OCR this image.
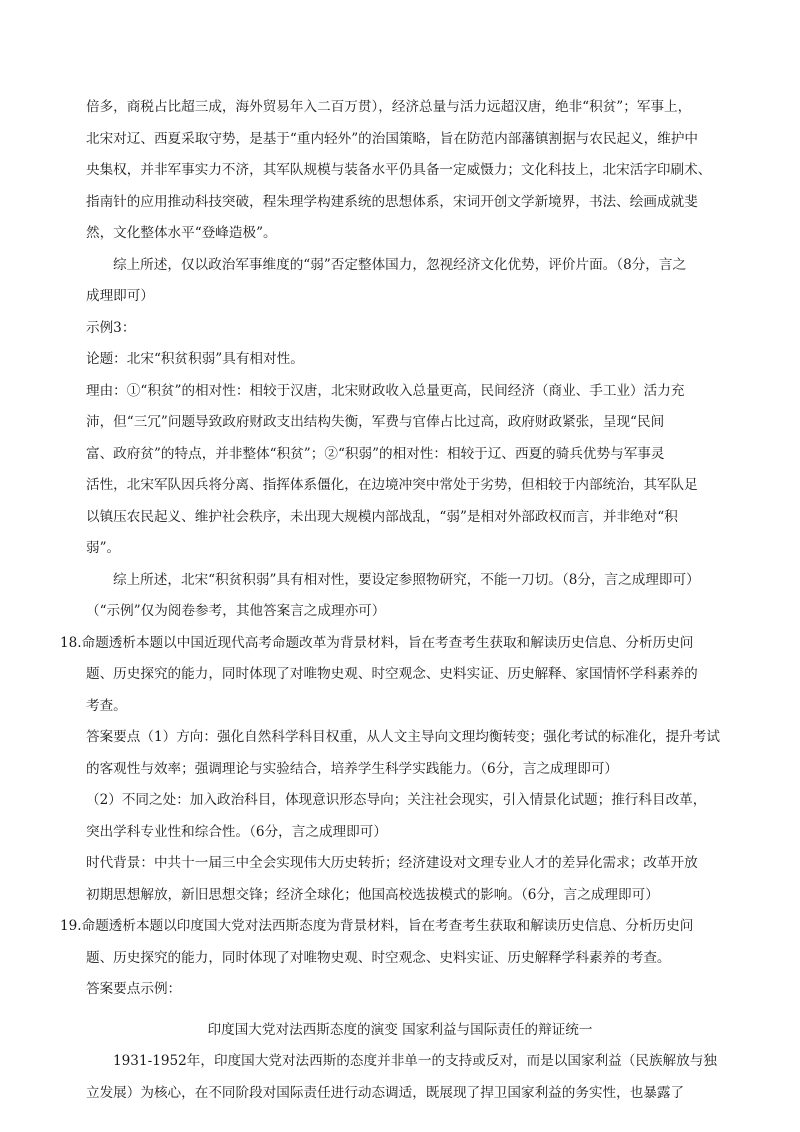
倍多，商税占比超三成，海外贸易年入二百万贯），经济总量与活力远超汉唐，绝非“积贫”；军事上，
北宋对辽、西夏采取守势，是基于“重内轻外”的治国策略，旨在防范内部藩镇割据与农民起义，维护中
央集权，并非军事实力不济，其军队规模与装备水平仍具备一定威慑力；文化科技上，北宋活字印刷术、
指南针的应用推动科技突破，程朱理学构建系统的思想体系，宋词开创文学新境界，书法、绘画成就斐
然，文化整体水平“登峰造极”。
综上所述，仅以政治军事维度的“弱”否定整体国力，忽视经济文化优势，评价片面。（8分，言之
成理即可）
示例3：
论题：北宋“积贫积弱”具有相对性。
理由：①“积贫”的相对性：相较于汉唐，北宋财政收入总量更高，民间经济（商业、手工业）活力充
沛，但“三冗”问题导致政府财政支出结构失衡，军费与官俸占比过高，政府财政紧张，呈现“民间
富、政府贫”的特点，并非整体“积贫”；②“积弱”的相对性：相较于辽、西夏的骑兵优势与军事灵
活性，北宋军队因兵将分离、指挥体系僵化，在边境冲突中常处于劣势，但相较于内部统治，其军队足
以镇压农民起义、维护社会秩序，未出现大规模内部战乱，“弱”是相对外部政权而言，并非绝对“积
弱”。
综上所述，北宋“积贫积弱”具有相对性，要设定参照物研究，不能一刀切。（8分，言之成理即可）
（“示例”仅为阅卷参考，其他答案言之成理亦可）
18.命题透析本题以中国近现代高考命题改革为背景材料，旨在考查考生获取和解读历史信息、分析历史问
题、历史探究的能力，同时体现了对唯物史观、时空观念、史料实证、历史解释、家国情怀学科素养的
考查。
答案要点（1）方向：强化自然科学科目权重，从人文主导向文理均衡转变；强化考试的标准化，提升考试
的客观性与效率；强调理论与实验结合，培养学生科学实践能力。（6分，言之成理即可）
（2）不同之处：加入政治科目，体现意识形态导向；关注社会现实，引入情景化试题；推行科目改革，
突出学科专业性和综合性。（6分，言之成理即可）
时代背景：中共十一届三中全会实现伟大历史转折；经济建设对文理专业人才的差异化需求；改革开放
初期思想解放，新旧思想交锋；经济全球化；他国高校选拔模式的影响。（6分，言之成理即可）
19.命题透析本题以印度国大党对法西斯态度为背景材料，旨在考查考生获取和解读历史信息、分析历史问
题、历史探究的能力，同时体现了对唯物史观、时空观念、史料实证、历史解释学科素养的考查。
答案要点示例：
印度国大党对法西斯态度的演变 国家利益与国际责任的辩证统一
1931-1952年，印度国大党对法西斯的态度并非单一的支持或反对，而是以国家利益（民族解放与独
立发展）为核心，在不同阶段对国际责任进行动态调适，既展现了捍卫国家利益的务实性，也暴露了
